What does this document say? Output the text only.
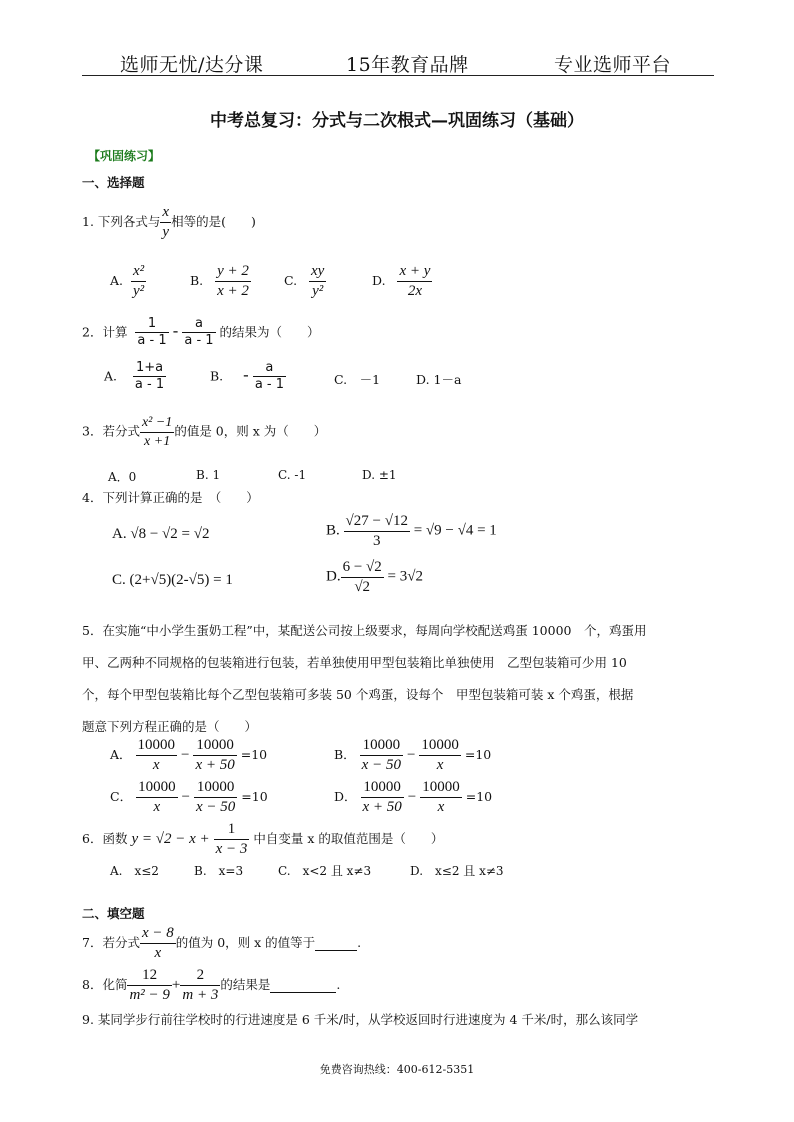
选师无忧/达分课	15年教育品牌	专业选师平台
中考总复习：分式与二次根式—巩固练习（基础）
【巩固练习】
一、选择题
1. 下列各式与 $\frac{x}{y}$ 相等的是(　　)
A. $\frac{\text{x²}}{\text{y²}}$	B. $\frac{y + 2}{x + 2}$	C. $\frac{xy}{\text{y²}}$	D. $\frac{x + y}{2x}$
2．计算 $\frac{1}{a - 1} - \frac{a}{a - 1}$ 的结果为（　　）
A. $\frac{1+a}{a - 1}$	B. - $\frac{a}{a - 1}$	C.　－1	D. 1－a
3．若分式 $\frac{\text{x² −1}}{x +1}$ 的值是 0，则 x 为（　　）
A．0	B. 1	C. -1	D. ±1
4．下列计算正确的是　（　　）
A. √8 − √2 = √2	B. $\frac{√27 - √12}{3} = √9 - √4 = 1$
C. (2+√5)(2-√5) = 1	D. $\frac{6 - √2}{√2} = 3√2$
5．在实施“中小学生蛋奶工程”中，某配送公司按上级要求，每周向学校配送鸡蛋 10000　个，鸡蛋用
甲、乙两种不同规格的包装箱进行包装，若单独使用甲型包装箱比单独使用　乙型包装箱可少用 10
个，每个甲型包装箱比每个乙型包装箱可多装 50 个鸡蛋，设每个　甲型包装箱可装 x 个鸡蛋，根据
题意下列方程正确的是（　　）
A． $\frac{10000}{x} - \frac{10000}{x + 50} =10$	B． $\frac{10000}{x - 50} - \frac{10000}{x} =10$
C． $\frac{10000}{x} - \frac{10000}{x - 50} =10$	D． $\frac{10000}{x + 50} - \frac{10000}{x} =10$
6．函数 $y = √2 - x + \frac{1}{x - 3}$ 中自变量 x 的取值范围是（　　）
A.　x≤2	B.　x=3	C.　x<2 且 x≠3	D.　x≤2 且 x≠3
二、填空题
7．若分式 $\frac{x - 8}{x}$ 的值为 0，则 x 的值等于	.
8．化简 $\frac{12}{\text{m² − 9}} + \frac{2}{m + 3}$ 的结果是	.
9. 某同学步行前往学校时的行进速度是 6 千米/时，从学校返回时行进速度为 4 千米/时，那么该同学
免费咨询热线：400-612-5351
